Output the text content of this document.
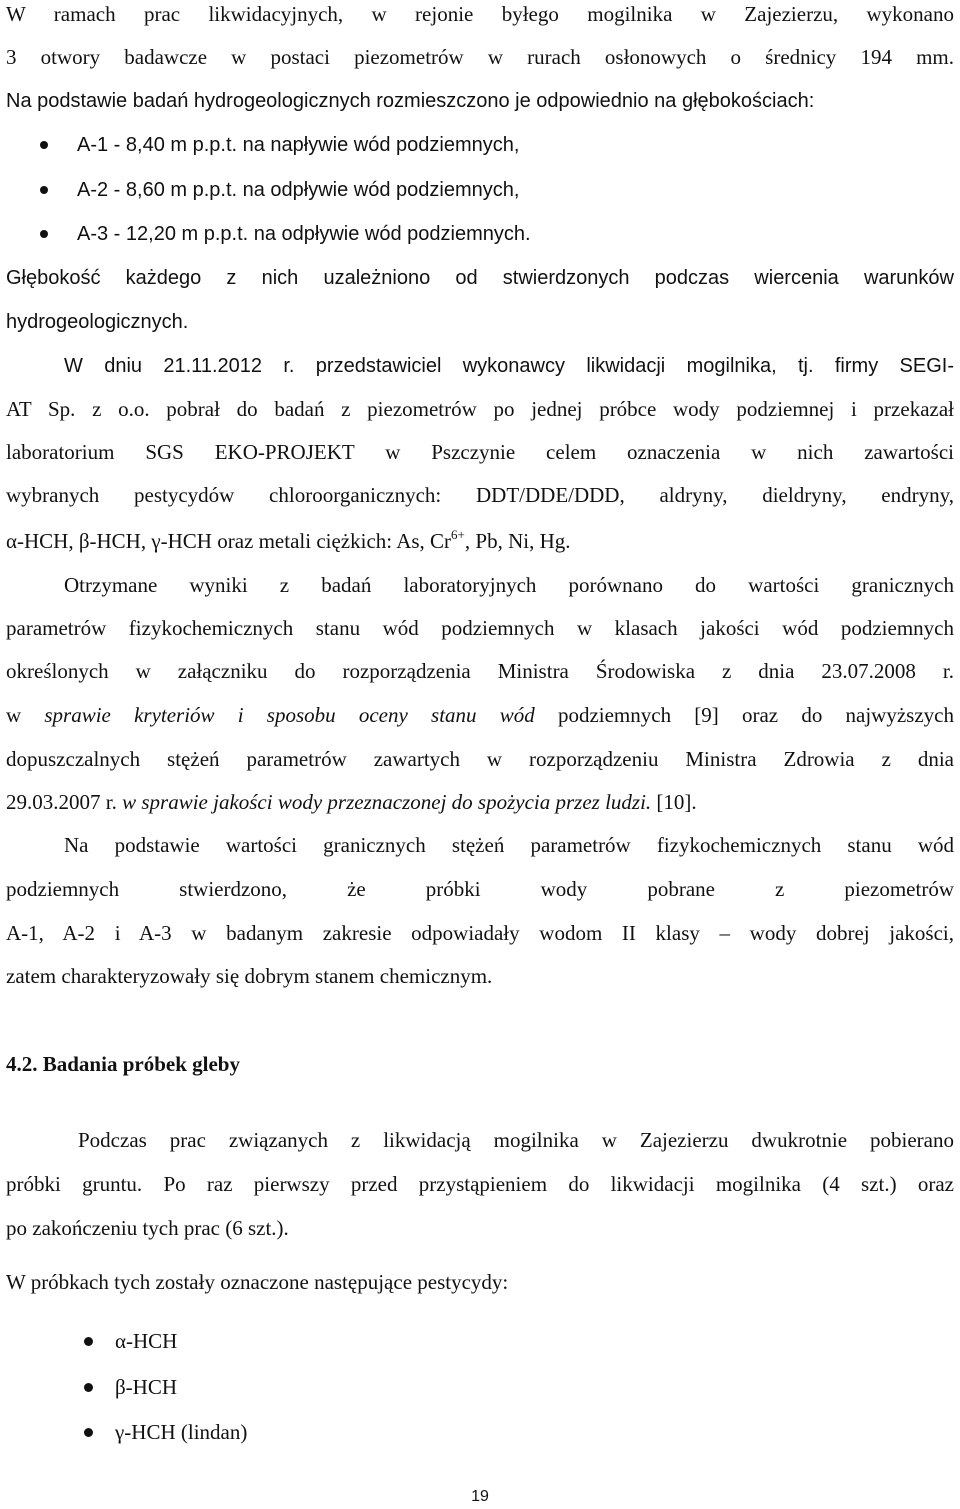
W ramach prac likwidacyjnych, w rejonie byłego mogilnika w Zajezierzu, wykonano
3 otwory badawcze w postaci piezometrów w rurach osłonowych o średnicy 194 mm.
Na podstawie badań hydrogeologicznych rozmieszczono je odpowiednio na głębokościach:
A-1 - 8,40 m p.p.t. na napływie wód podziemnych,
A-2 - 8,60 m p.p.t. na odpływie wód podziemnych,
A-3 - 12,20 m p.p.t. na odpływie wód podziemnych.
Głębokość każdego z nich uzależniono od stwierdzonych podczas wiercenia warunków
hydrogeologicznych.
W dniu 21.11.2012 r. przedstawiciel wykonawcy likwidacji mogilnika, tj. firmy SEGI-
AT Sp. z o.o. pobrał do badań z piezometrów po jednej próbce wody podziemnej i przekazał
laboratorium SGS EKO-PROJEKT w Pszczynie celem oznaczenia w nich zawartości
wybranych pestycydów chloroorganicznych: DDT/DDE/DDD, aldryny, dieldryny, endryny,
α-HCH, β-HCH, γ-HCH oraz metali ciężkich: As, $Cr^{6+}$, Pb, Ni, Hg.
Otrzymane wyniki z badań laboratoryjnych porównano do wartości granicznych
parametrów fizykochemicznych stanu wód podziemnych w klasach jakości wód podziemnych
określonych w załączniku do rozporządzenia Ministra Środowiska z dnia 23.07.2008 r.
w sprawie kryteriów i sposobu oceny stanu wód podziemnych [9] oraz do najwyższych
dopuszczalnych stężeń parametrów zawartych w rozporządzeniu Ministra Zdrowia z dnia
29.03.2007 r. w sprawie jakości wody przeznaczonej do spożycia przez ludzi. [10].
Na podstawie wartości granicznych stężeń parametrów fizykochemicznych stanu wód
podziemnych stwierdzono, że próbki wody pobrane z piezometrów
A-1, A-2 i A-3 w badanym zakresie odpowiadały wodom II klasy – wody dobrej jakości,
zatem charakteryzowały się dobrym stanem chemicznym.
4.2. Badania próbek gleby
Podczas prac związanych z likwidacją mogilnika w Zajezierzu dwukrotnie pobierano
próbki gruntu. Po raz pierwszy przed przystąpieniem do likwidacji mogilnika (4 szt.) oraz
po zakończeniu tych prac (6 szt.).
W próbkach tych zostały oznaczone następujące pestycydy:
α-HCH
β-HCH
γ-HCH (lindan)
19
